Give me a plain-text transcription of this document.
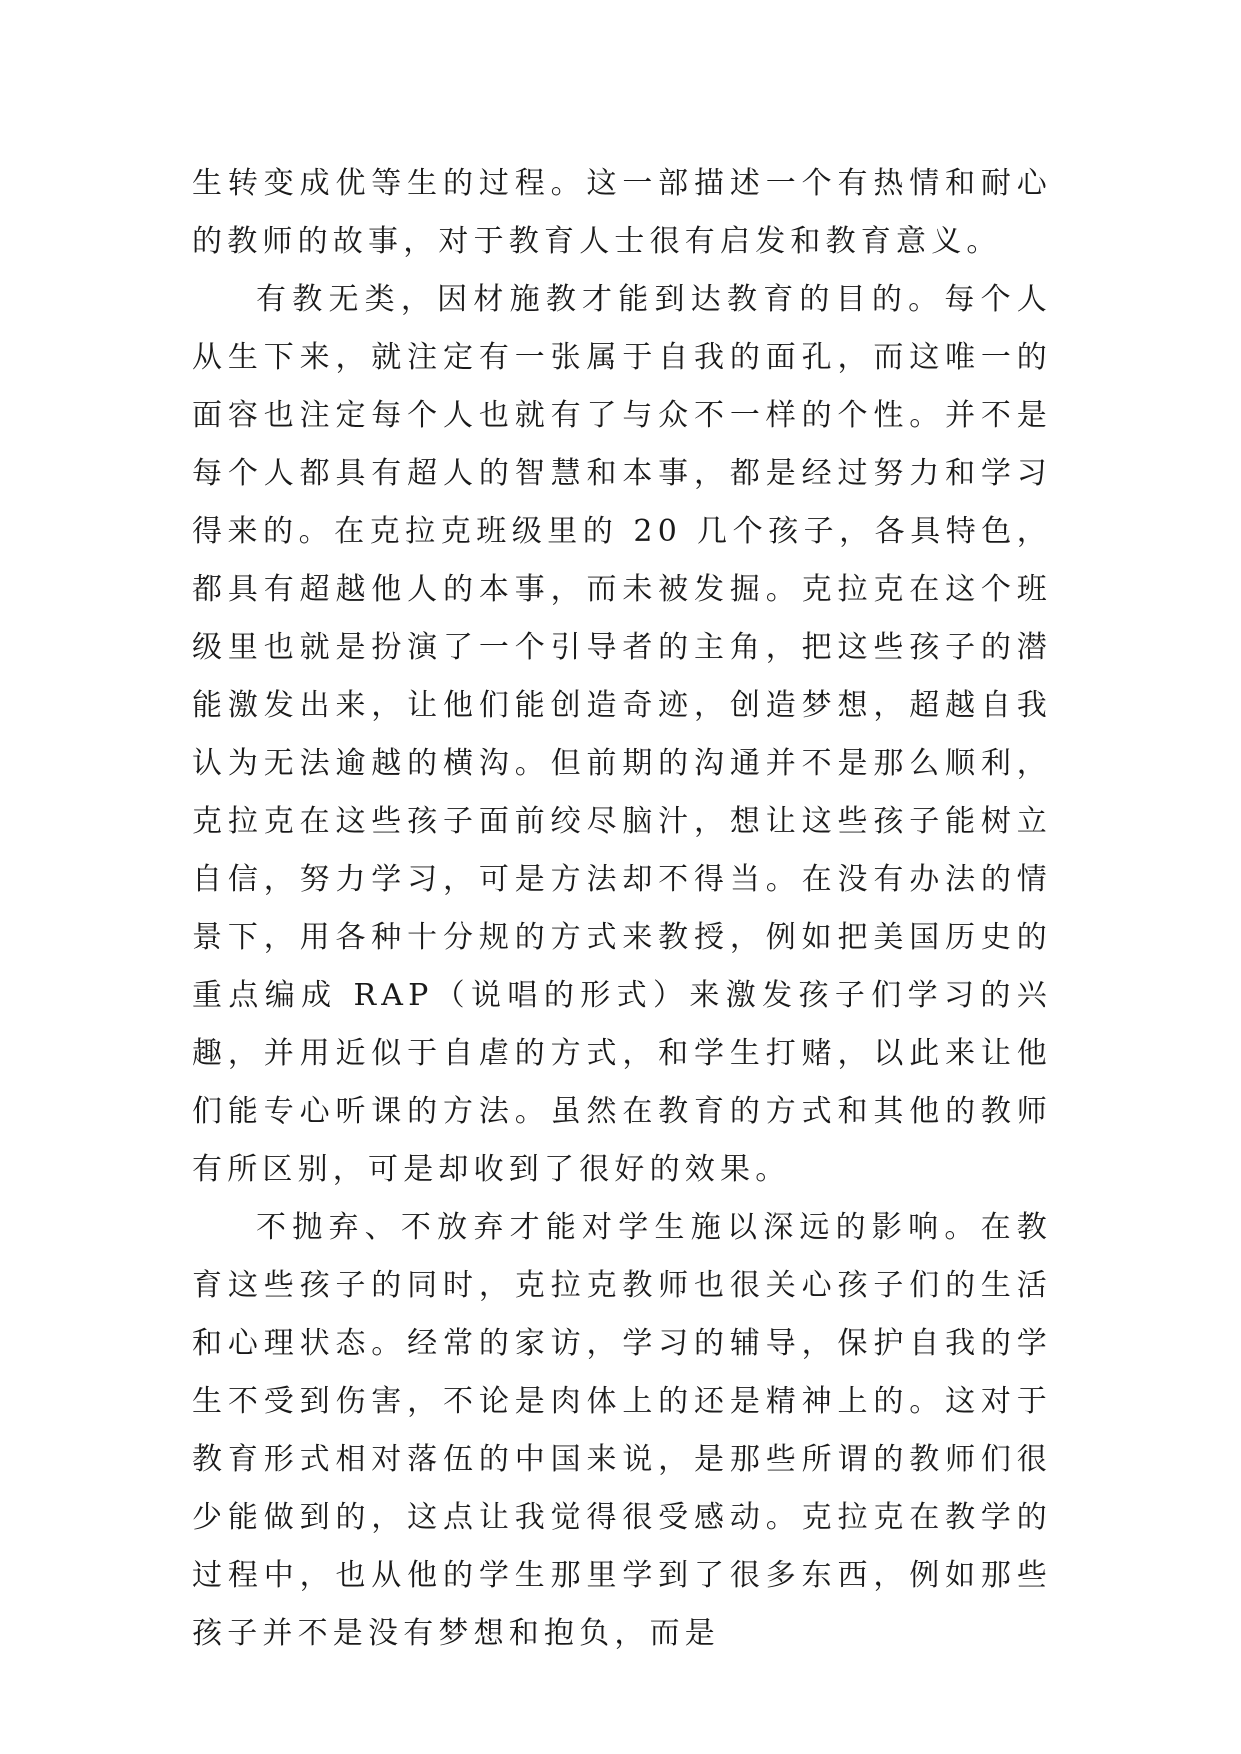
生转变成优等生的过程。这一部描述一个有热情和耐心的教师的故事，对于教育人士很有启发和教育意义。

有教无类，因材施教才能到达教育的目的。每个人从生下来，就注定有一张属于自我的面孔，而这唯一的面容也注定每个人也就有了与众不一样的个性。并不是每个人都具有超人的智慧和本事，都是经过努力和学习得来的。在克拉克班级里的 20 几个孩子，各具特色，都具有超越他人的本事，而未被发掘。克拉克在这个班级里也就是扮演了一个引导者的主角，把这些孩子的潜能激发出来，让他们能创造奇迹，创造梦想，超越自我认为无法逾越的横沟。但前期的沟通并不是那么顺利，克拉克在这些孩子面前绞尽脑汁，想让这些孩子能树立自信，努力学习，可是方法却不得当。在没有办法的情景下，用各种十分规的方式来教授，例如把美国历史的重点编成 RAP（说唱的形式）来激发孩子们学习的兴趣，并用近似于自虐的方式，和学生打赌，以此来让他们能专心听课的方法。虽然在教育的方式和其他的教师有所区别，可是却收到了很好的效果。

不抛弃、不放弃才能对学生施以深远的影响。在教育这些孩子的同时，克拉克教师也很关心孩子们的生活和心理状态。经常的家访，学习的辅导，保护自我的学生不受到伤害，不论是肉体上的还是精神上的。这对于教育形式相对落伍的中国来说，是那些所谓的教师们很少能做到的，这点让我觉得很受感动。克拉克在教学的过程中，也从他的学生那里学到了很多东西，例如那些孩子并不是没有梦想和抱负，而是
